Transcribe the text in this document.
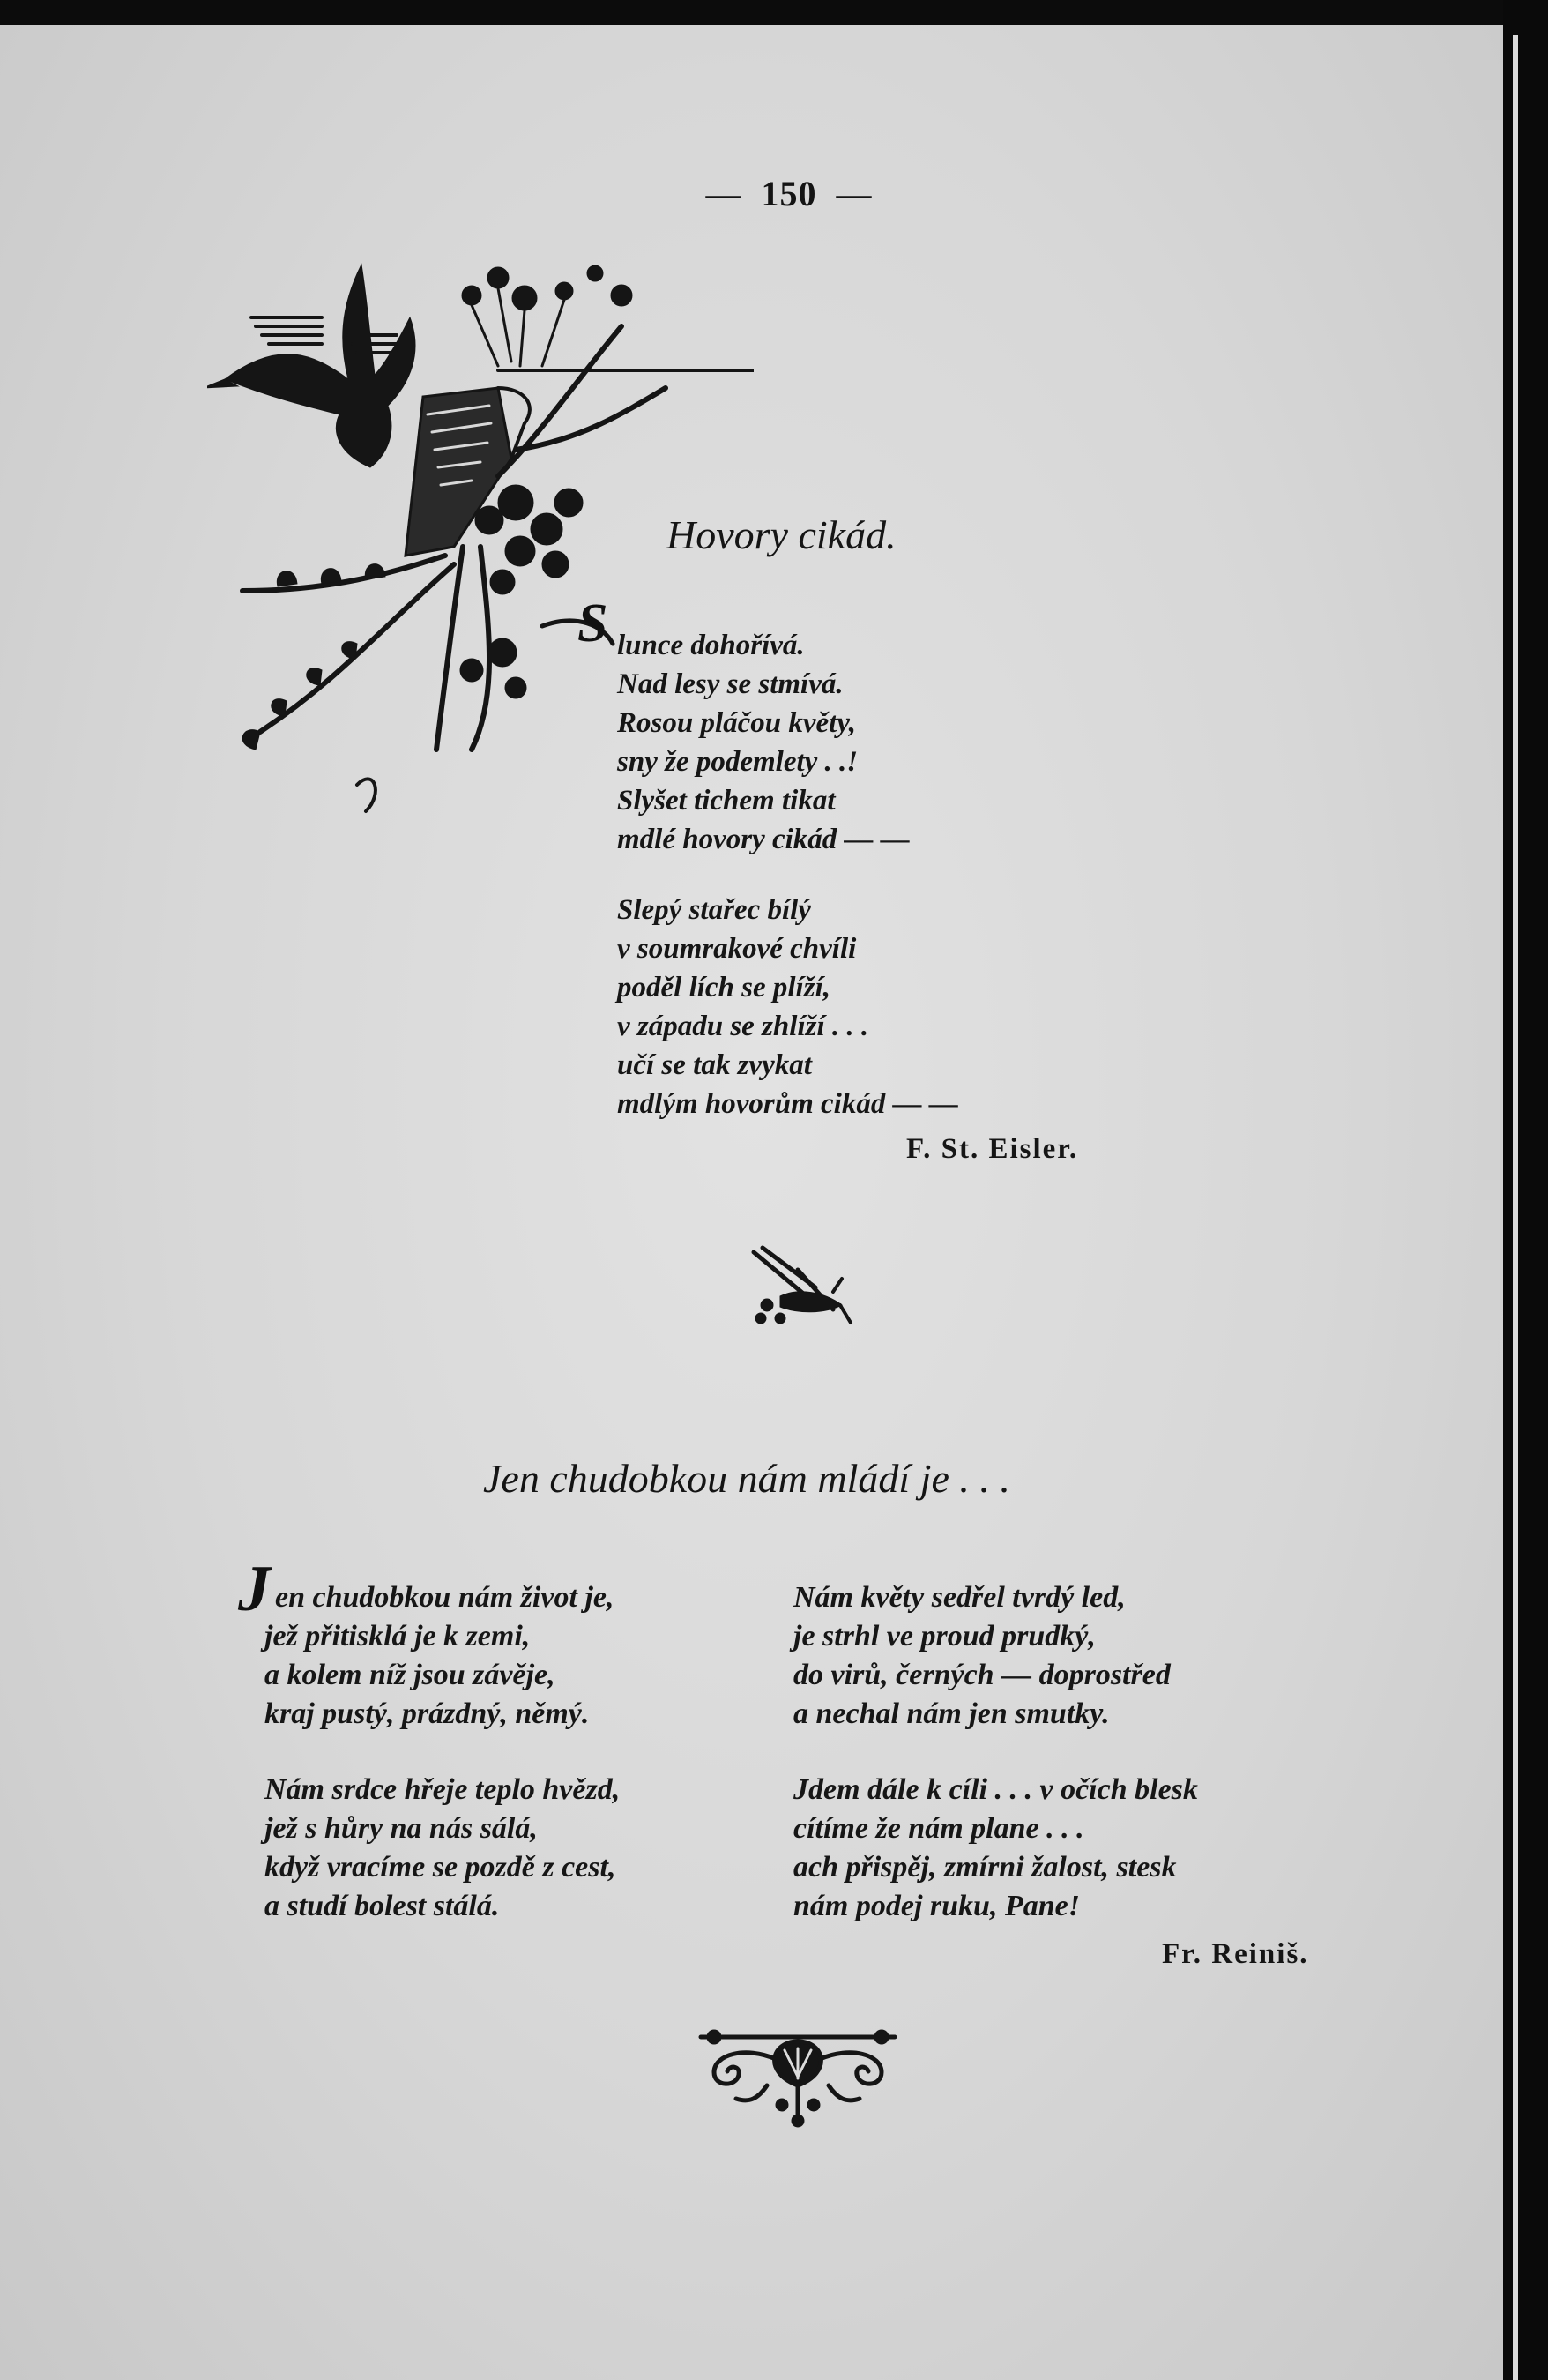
— 150 —
Hovory cikád.
S lunce dohořívá.
Nad lesy se stmívá.
Rosou pláčou květy,
sny že podemlety . .!
Slyšet tichem tikat
mdlé hovory cikád — —
Slepý stařec bílý
v soumrakové chvíli
poděl lích se plíží,
v západu se zhlíží . . .
učí se tak zvykat
mdlým hovorům cikád — —
F. St. Eisler.
Jen chudobkou nám mládí je . . .
J en chudobkou nám život je,
jež přitisklá je k zemi,
a kolem níž jsou závěje,
kraj pustý, prázdný, němý.
Nám srdce hřeje teplo hvězd,
jež s hůry na nás sálá,
když vracíme se pozdě z cest,
a studí bolest stálá.
Nám květy sedřel tvrdý led,
je strhl ve proud prudký,
do virů, černých — doprostřed
a nechal nám jen smutky.
Jdem dále k cíli . . . v očích blesk
cítíme že nám plane . . .
ach přispěj, zmírni žalost, stesk
nám podej ruku, Pane!
Fr. Reiniš.
